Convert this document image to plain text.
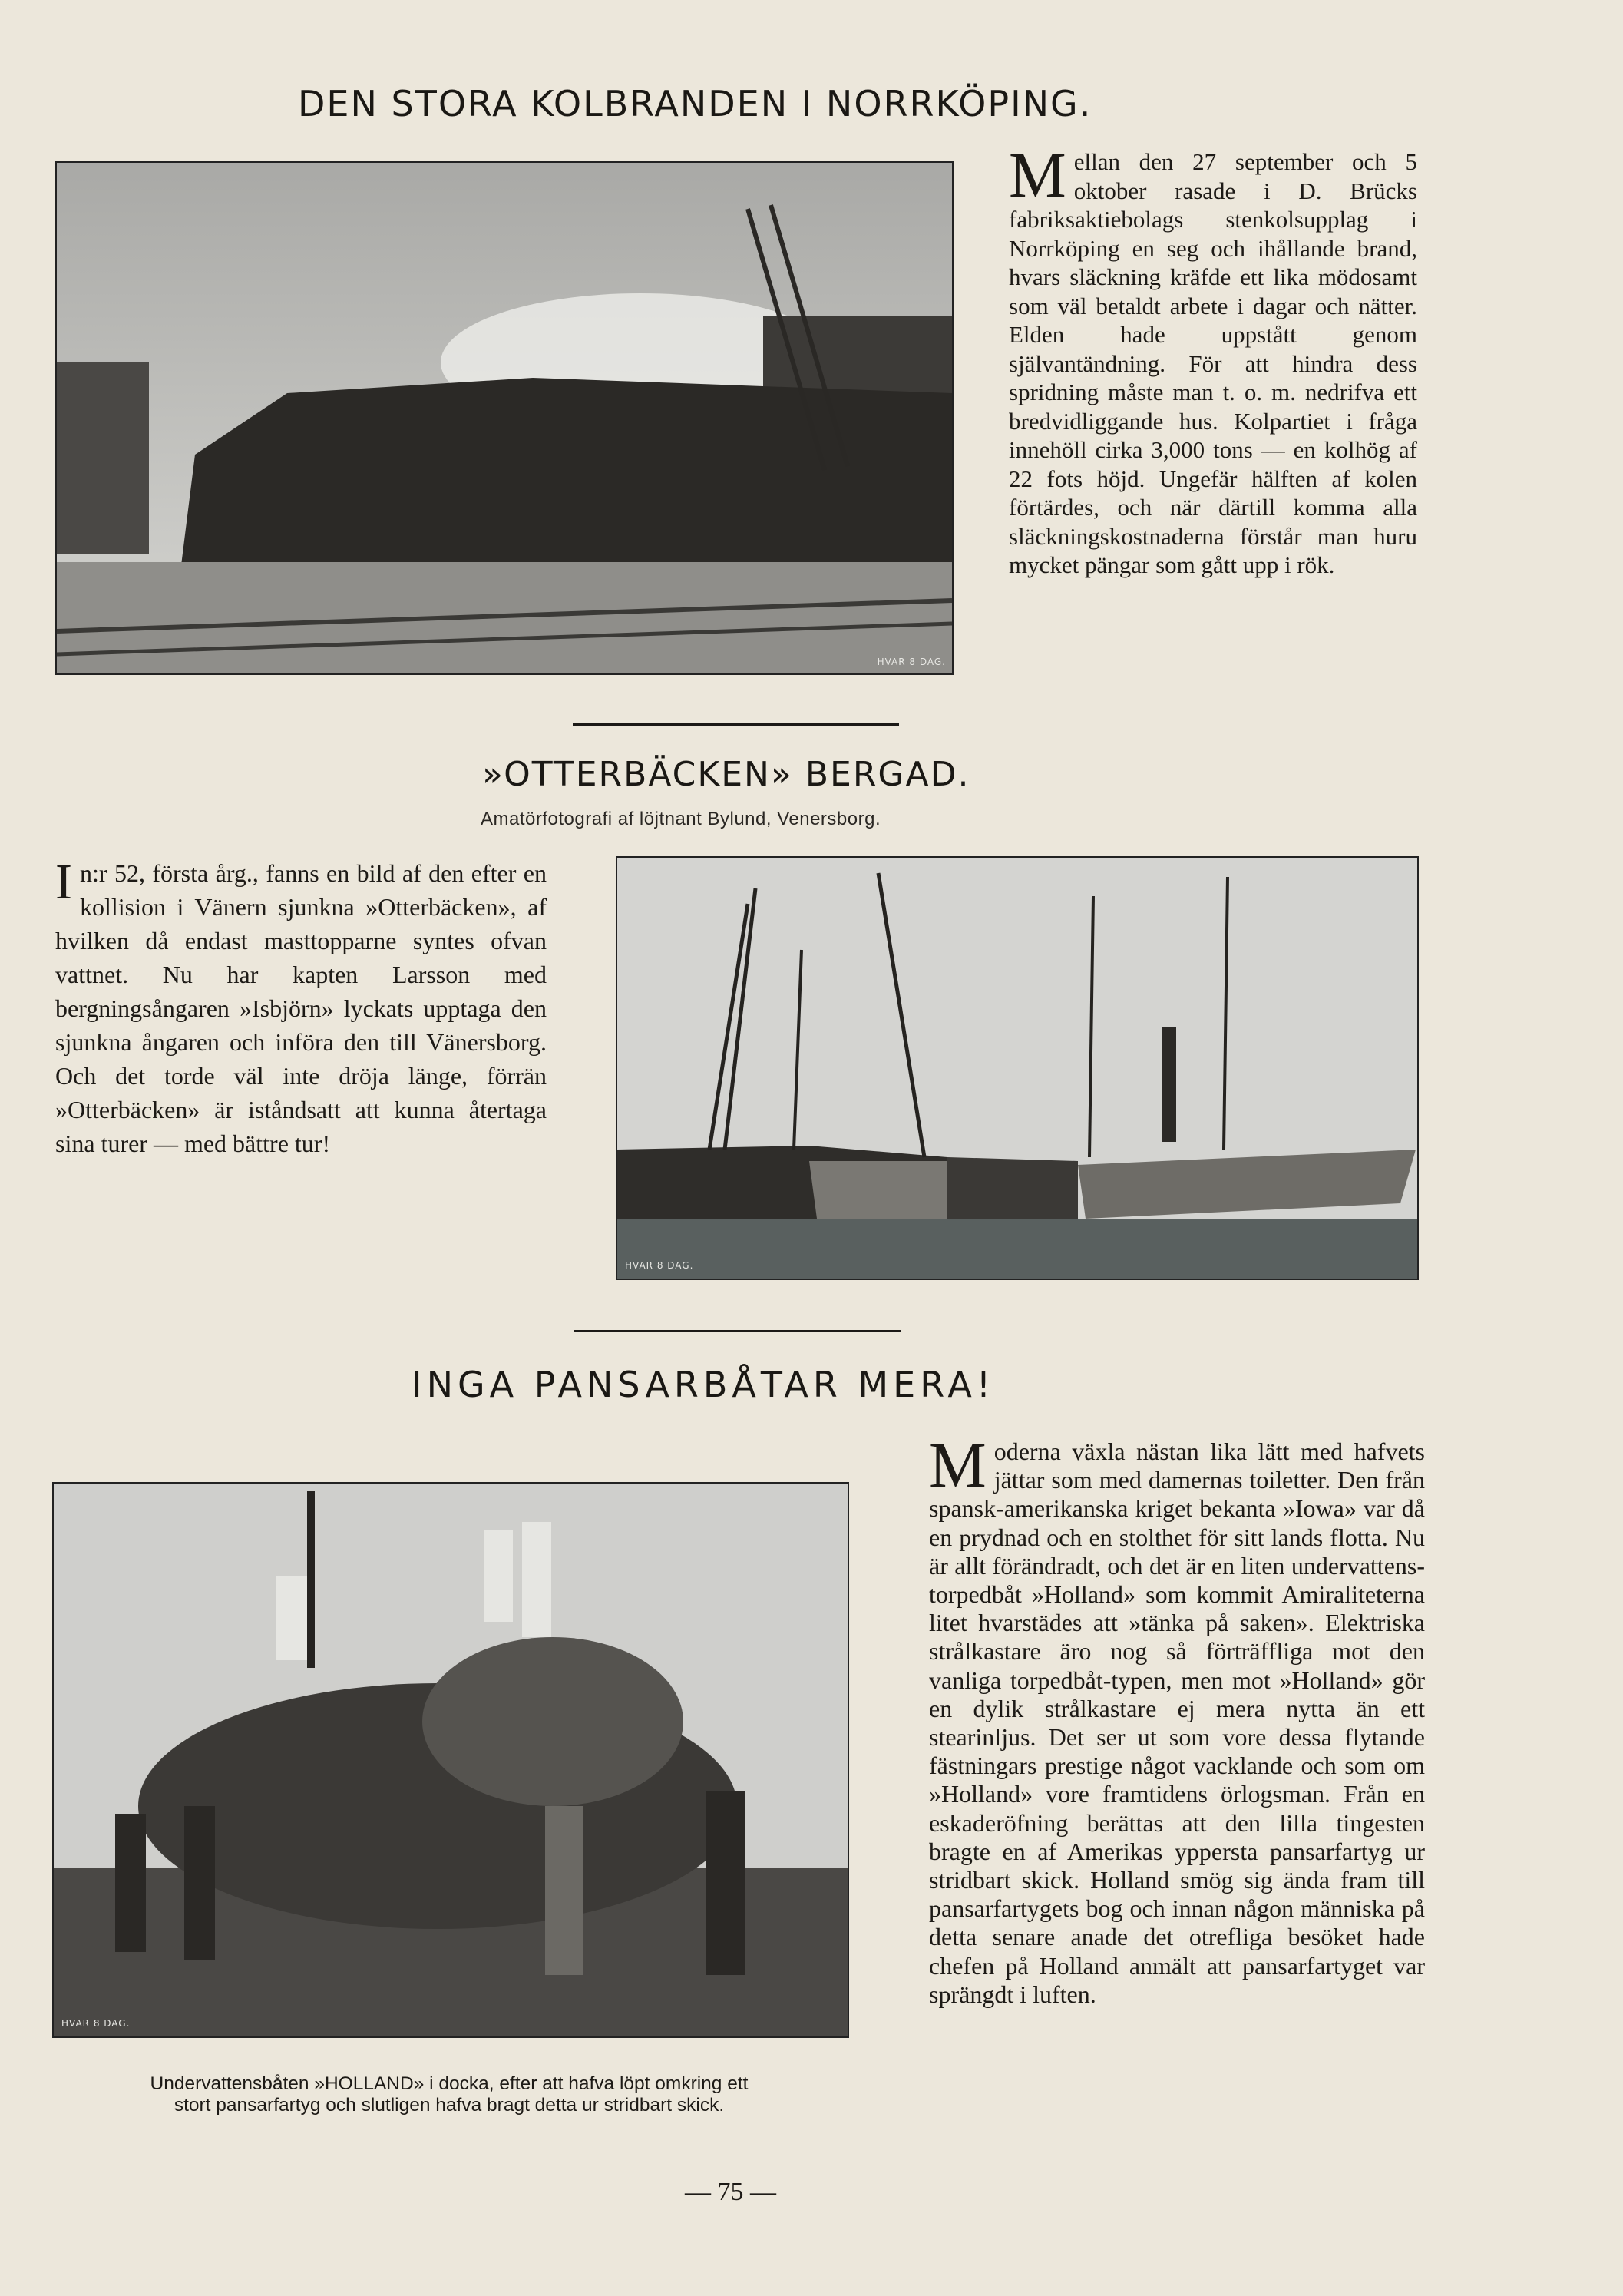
DEN STORA KOLBRANDEN I NORRKÖPING.
HVAR 8 DAG.

M ellan den 27 september och 5 oktober rasade i D. Brücks fabriksaktiebolags stenkolsupplag i Norrköping en seg och ihållande brand, hvars släckning kräfde ett lika mödosamt som väl betaldt arbete i dagar och nätter. Elden hade uppstått genom självantändning. För att hindra dess spridning måste man t. o. m. nedrifva ett bredvidliggande hus. Kolpartiet i fråga innehöll cirka 3,000 tons — en kolhög af 22 fots höjd. Ungefär hälften af kolen förtärdes, och när därtill komma alla släckningskostnaderna förstår man huru mycket pängar som gått upp i rök.

»OTTERBÄCKEN» BERGAD.
Amatörfotografi af löjtnant Bylund, Venersborg.

I n:r 52, första årg., fanns en bild af den efter en kollision i Vänern sjunkna »Otterbäcken», af hvilken då endast masttopparne syntes ofvan vattnet. Nu har kapten Larsson med bergningsångaren »Isbjörn» lyckats upptaga den sjunkna ångaren och införa den till Vänersborg. Och det torde väl inte dröja länge, förrän »Otterbäcken» är iståndsatt att kunna återtaga sina turer — med bättre tur!

HVAR 8 DAG.
INGA PANSARBÅTAR MERA!
HVAR 8 DAG.
Undervattensbåten »HOLLAND» i docka, efter att hafva löpt omkring ett
stort pansarfartyg och slutligen hafva bragt detta ur stridbart skick.

M oderna växla nästan lika lätt med hafvets jättar som med damernas toiletter. Den från spansk-amerikanska kriget bekanta »Iowa» var då en prydnad och en stolthet för sitt lands flotta. Nu är allt förändradt, och det är en liten undervattens-torpedbåt »Holland» som kommit Amiraliteterna litet hvarstädes att »tänka på saken». Elektriska strålkastare äro nog så förträffliga mot den vanliga torpedbåt-typen, men mot »Holland» gör en dylik strålkastare ej mera nytta än ett stearinljus. Det ser ut som vore dessa flytande fästningars prestige något vacklande och som om »Holland» vore framtidens örlogsman. Från en eskaderöfning berättas att den lilla tingesten bragte en af Amerikas yppersta pansarfartyg ur stridbart skick. Holland smög sig ända fram till pansarfartygets bog och innan någon människa på detta senare anade det otrefliga besöket hade chefen på Holland anmält att pansarfartyget var sprängdt i luften.

— 75 —
